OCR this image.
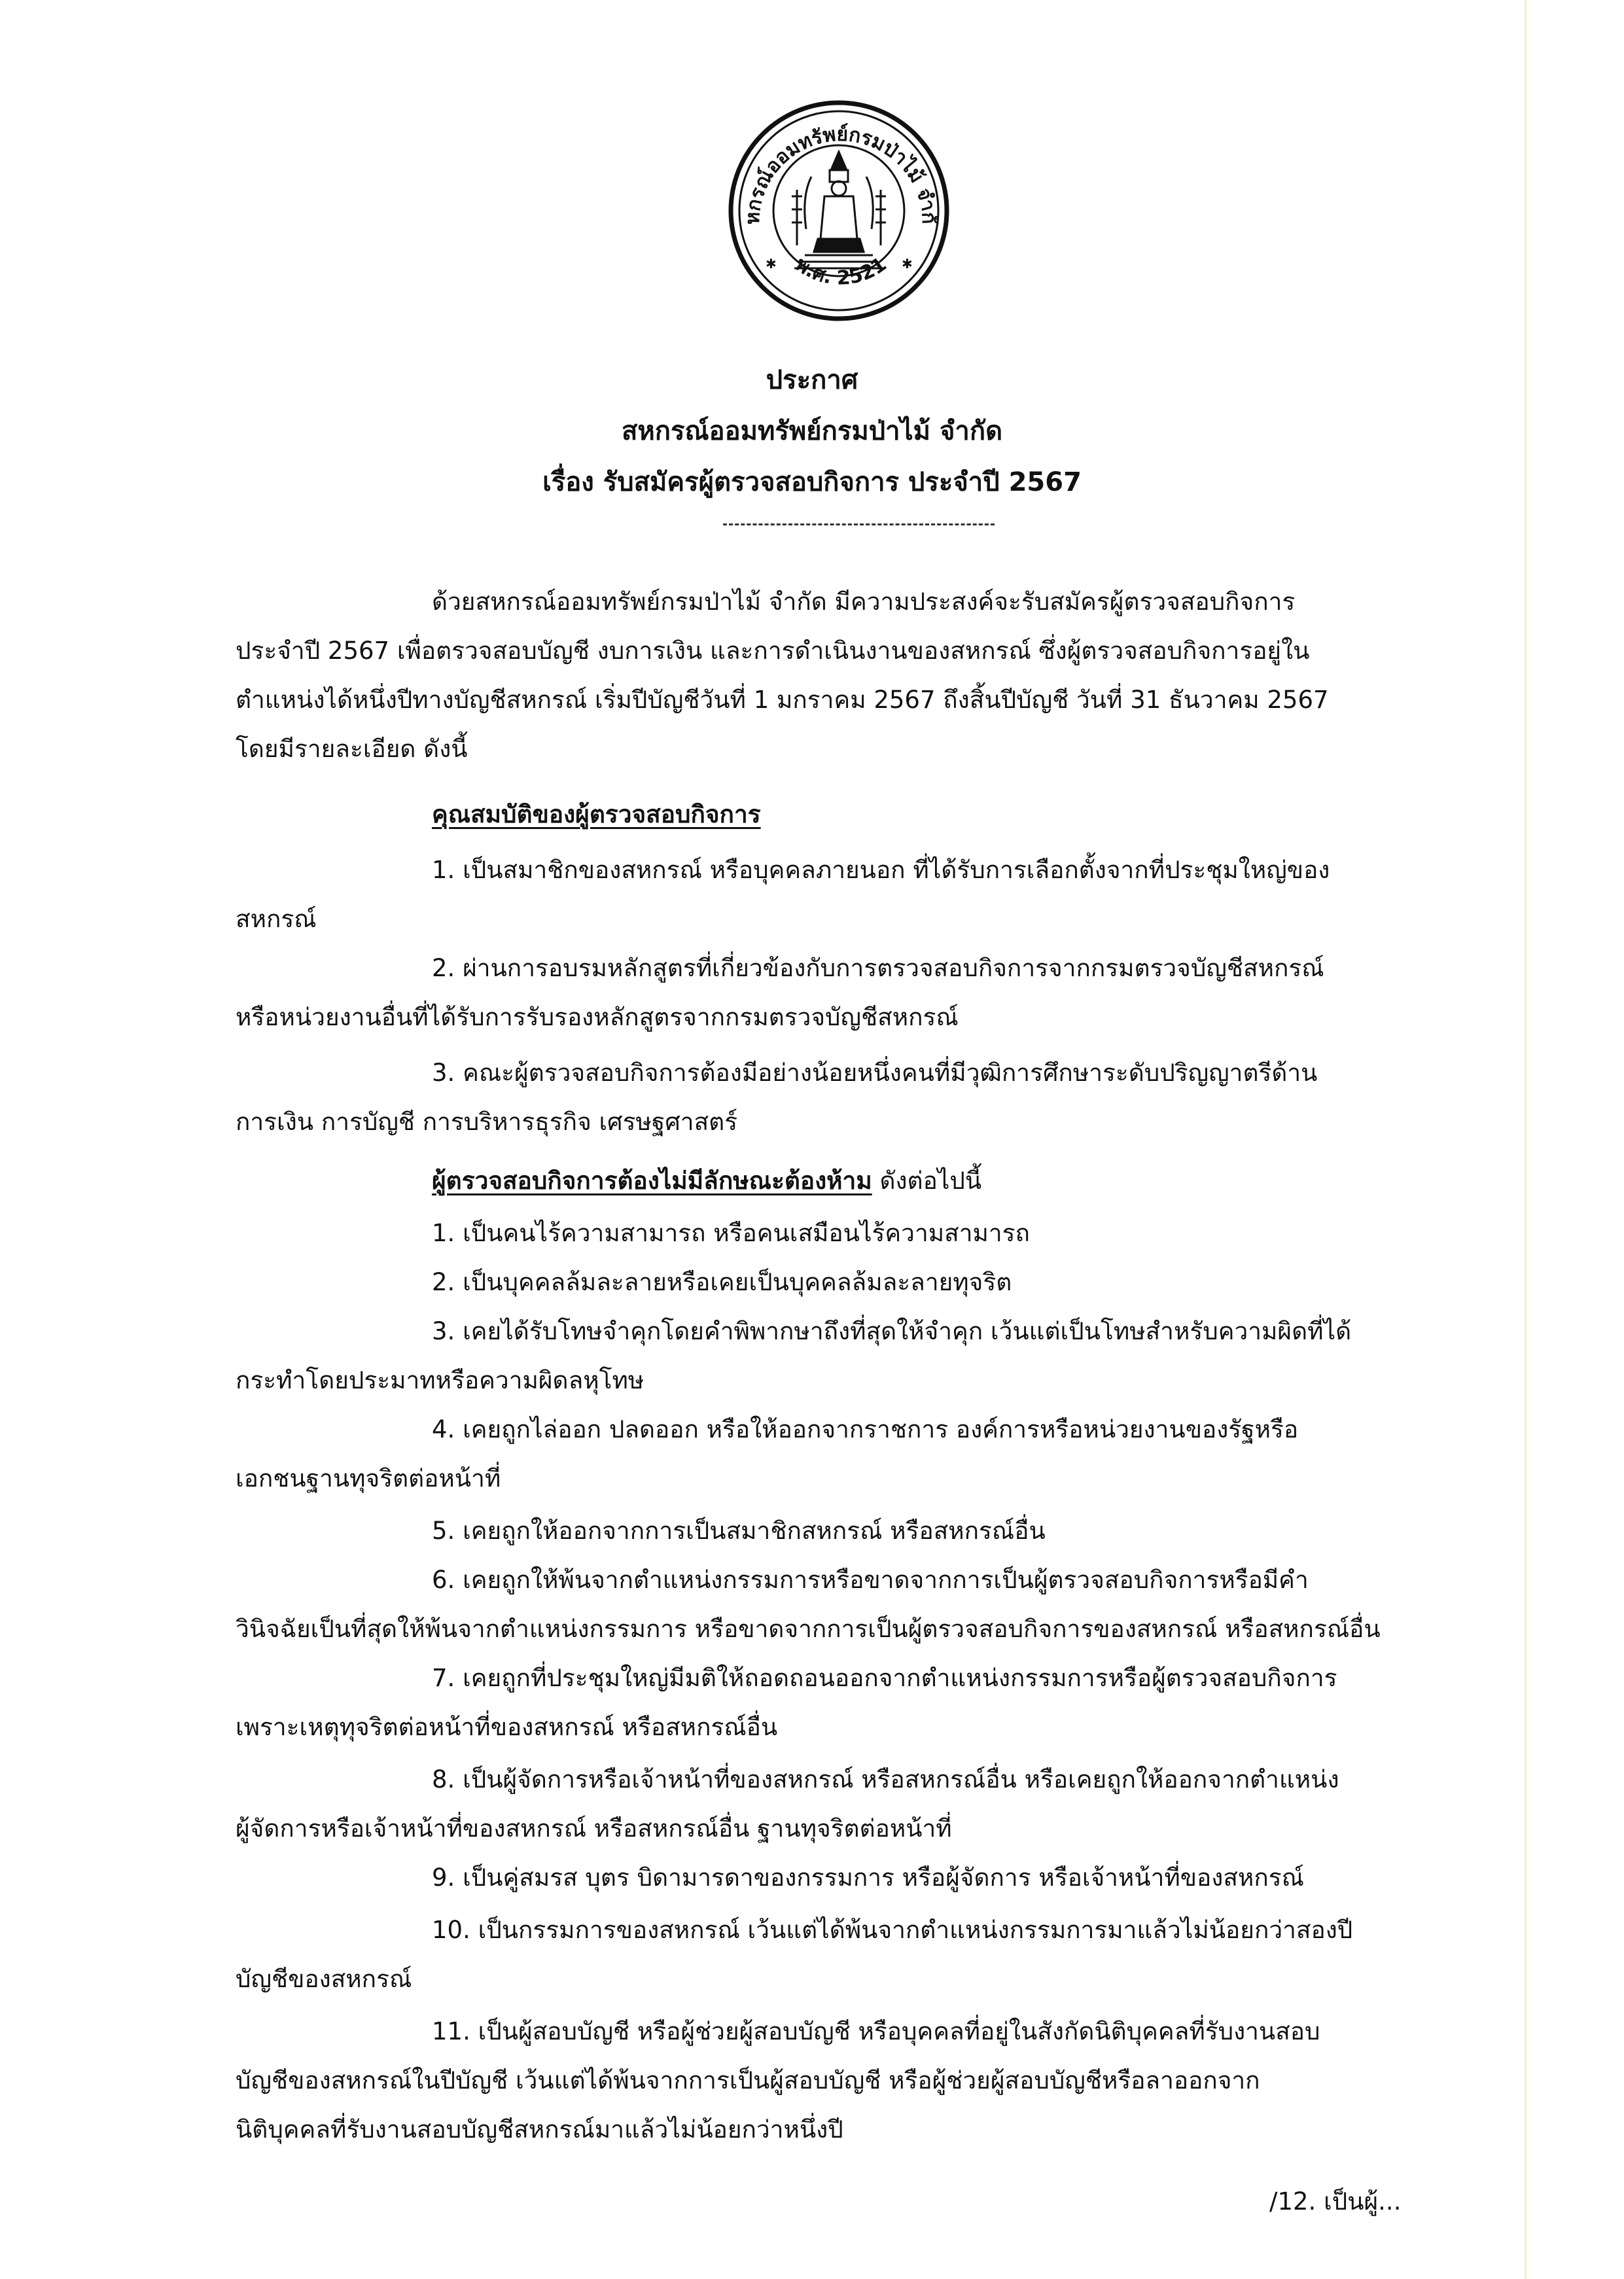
หกรณ์ออมทรัพย์กรมป่าไม้ จำกั
พ.ศ. 2521
✱	✱
ประกาศ
สหกรณ์ออมทรัพย์กรมป่าไม้ จำกัด
เรื่อง รับสมัครผู้ตรวจสอบกิจการ ประจำปี 2567

ด้วยสหกรณ์ออมทรัพย์กรมป่าไม้ จำกัด มีความประสงค์จะรับสมัครผู้ตรวจสอบกิจการ

ประจำปี 2567 เพื่อตรวจสอบบัญชี งบการเงิน และการดำเนินงานของสหกรณ์ ซึ่งผู้ตรวจสอบกิจการอยู่ใน

ตำแหน่งได้หนึ่งปีทางบัญชีสหกรณ์ เริ่มปีบัญชีวันที่ 1 มกราคม 2567 ถึงสิ้นปีบัญชี วันที่ 31 ธันวาคม 2567

โดยมีรายละเอียด ดังนี้

คุณสมบัติของผู้ตรวจสอบกิจการ

1. เป็นสมาชิกของสหกรณ์ หรือบุคคลภายนอก ที่ได้รับการเลือกตั้งจากที่ประชุมใหญ่ของ

สหกรณ์

2. ผ่านการอบรมหลักสูตรที่เกี่ยวข้องกับการตรวจสอบกิจการจากกรมตรวจบัญชีสหกรณ์

หรือหน่วยงานอื่นที่ได้รับการรับรองหลักสูตรจากกรมตรวจบัญชีสหกรณ์

3. คณะผู้ตรวจสอบกิจการต้องมีอย่างน้อยหนึ่งคนที่มีวุฒิการศึกษาระดับปริญญาตรีด้าน

การเงิน การบัญชี การบริหารธุรกิจ เศรษฐศาสตร์

ผู้ตรวจสอบกิจการต้องไม่มีลักษณะต้องห้าม ดังต่อไปนี้

1. เป็นคนไร้ความสามารถ หรือคนเสมือนไร้ความสามารถ

2. เป็นบุคคลล้มละลายหรือเคยเป็นบุคคลล้มละลายทุจริต

3. เคยได้รับโทษจำคุกโดยคำพิพากษาถึงที่สุดให้จำคุก เว้นแต่เป็นโทษสำหรับความผิดที่ได้

กระทำโดยประมาทหรือความผิดลหุโทษ

4. เคยถูกไล่ออก ปลดออก หรือให้ออกจากราชการ องค์การหรือหน่วยงานของรัฐหรือ

เอกชนฐานทุจริตต่อหน้าที่

5. เคยถูกให้ออกจากการเป็นสมาชิกสหกรณ์ หรือสหกรณ์อื่น

6. เคยถูกให้พ้นจากตำแหน่งกรรมการหรือขาดจากการเป็นผู้ตรวจสอบกิจการหรือมีคำ

วินิจฉัยเป็นที่สุดให้พ้นจากตำแหน่งกรรมการ หรือขาดจากการเป็นผู้ตรวจสอบกิจการของสหกรณ์ หรือสหกรณ์อื่น

7. เคยถูกที่ประชุมใหญ่มีมติให้ถอดถอนออกจากตำแหน่งกรรมการหรือผู้ตรวจสอบกิจการ

เพราะเหตุทุจริตต่อหน้าที่ของสหกรณ์ หรือสหกรณ์อื่น

8. เป็นผู้จัดการหรือเจ้าหน้าที่ของสหกรณ์ หรือสหกรณ์อื่น หรือเคยถูกให้ออกจากตำแหน่ง

ผู้จัดการหรือเจ้าหน้าที่ของสหกรณ์ หรือสหกรณ์อื่น ฐานทุจริตต่อหน้าที่

9. เป็นคู่สมรส บุตร บิดามารดาของกรรมการ หรือผู้จัดการ หรือเจ้าหน้าที่ของสหกรณ์

10. เป็นกรรมการของสหกรณ์ เว้นแต่ได้พ้นจากตำแหน่งกรรมการมาแล้วไม่น้อยกว่าสองปี

บัญชีของสหกรณ์

11. เป็นผู้สอบบัญชี หรือผู้ช่วยผู้สอบบัญชี หรือบุคคลที่อยู่ในสังกัดนิติบุคคลที่รับงานสอบ

บัญชีของสหกรณ์ในปีบัญชี เว้นแต่ได้พ้นจากการเป็นผู้สอบบัญชี หรือผู้ช่วยผู้สอบบัญชีหรือลาออกจาก

นิติบุคคลที่รับงานสอบบัญชีสหกรณ์มาแล้วไม่น้อยกว่าหนึ่งปี

/12. เป็นผู้...
